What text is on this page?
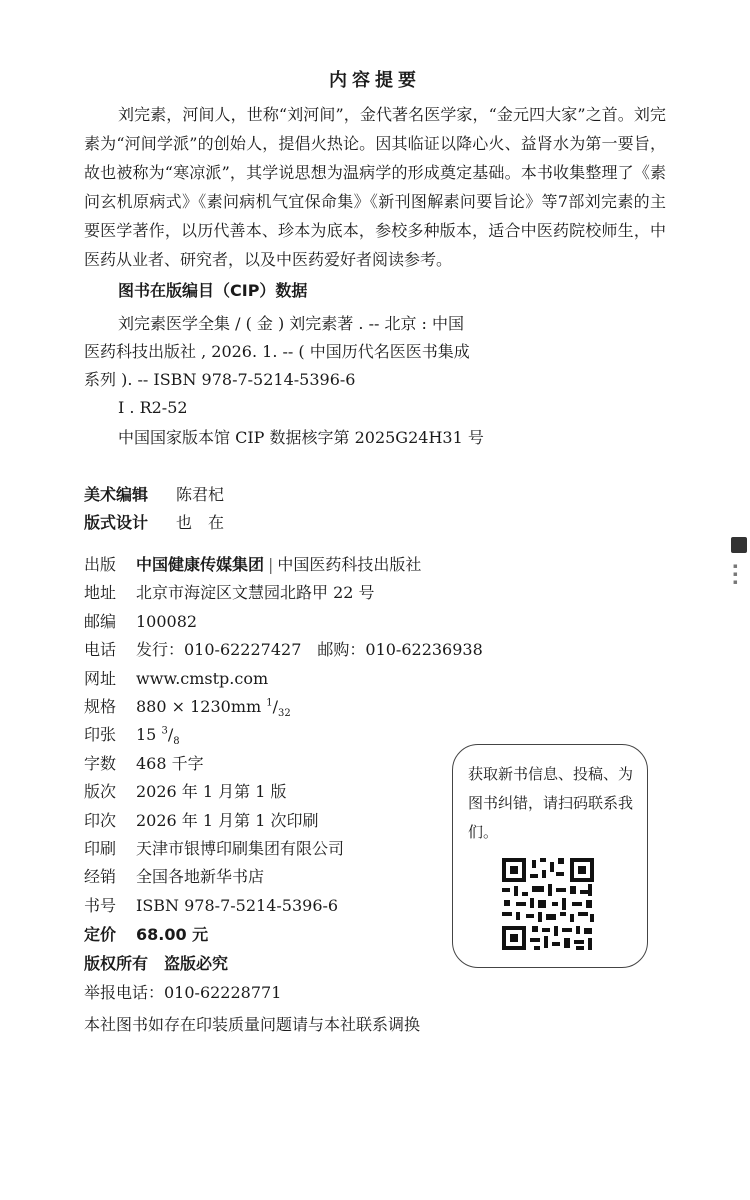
内容提要

刘完素，河间人，世称“刘河间”，金代著名医学家，“金元四大家”之首。刘完素为“河间学派”的创始人，提倡火热论。因其临证以降心火、益肾水为第一要旨，故也被称为“寒凉派”，其学说思想为温病学的形成奠定基础。本书收集整理了《素问玄机原病式》《素问病机气宜保命集》《新刊图解素问要旨论》等7部刘完素的主要医学著作，以历代善本、珍本为底本，参校多种版本，适合中医药院校师生，中医药从业者、研究者，以及中医药爱好者阅读参考。

图书在版编目（CIP）数据
刘完素医学全集 / ( 金 ) 刘完素著 . -- 北京 : 中国
医药科技出版社 , 2026. 1. -- ( 中国历代名医医书集成
系列 ). -- ISBN 978-7-5214-5396-6
Ⅰ . R2-52
中国国家版本馆 CIP 数据核字第 2025G24H31 号
美术编辑 陈君杞
版式设计 也　在
出版 中国健康传媒集团 | 中国医药科技出版社
地址 北京市海淀区文慧园北路甲 22 号
邮编 100082
电话 发行：010-62227427　邮购：010-62236938
网址 www.cmstp.com
规格 880 × 1230mm $^1/_{32}$
印张 15 $^3/_8$
字数 468 千字
版次 2026 年 1 月第 1 版
印次 2026 年 1 月第 1 次印刷
印刷 天津市银博印刷集团有限公司
经销 全国各地新华书店
书号 ISBN 978-7-5214-5396-6
定价 68.00 元
版权所有　盗版必究
举报电话：010-62228771
本社图书如存在印装质量问题请与本社联系调换
获取新书信息、投稿、为图书纠错，请扫码联系我们。
▪
▪
▪
